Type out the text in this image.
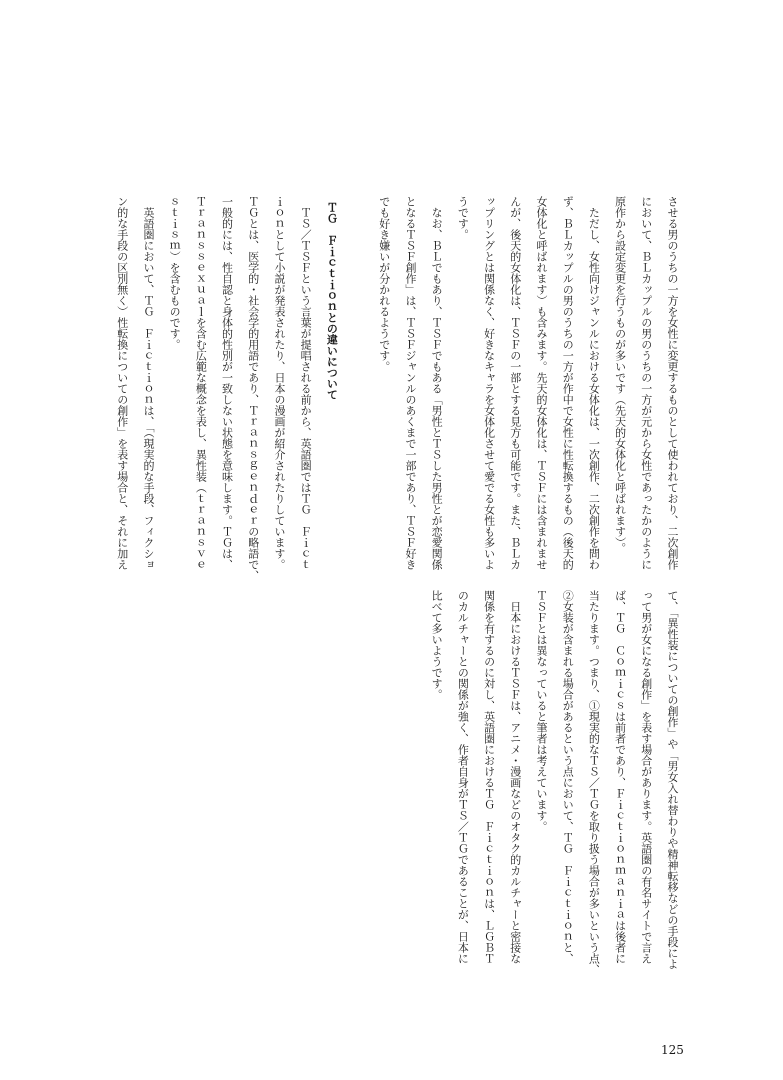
させる男のうちの一方を女性に変更するものとして使われており、二次創作
において、ＢＬカップルの男のうちの一方が元から女性であったかのように
原作から設定変更を行うものが多いです（先天的女体化と呼ばれます）。
ただし、女性向けジャンルにおける女体化は、一次創作、二次創作を問わ
ず、ＢＬカップルの男のうちの一方が作中で女性に性転換するもの（後天的
女体化と呼ばれます）も含みます。先天的女体化は、ＴＳＦには含まれませ
んが、後天的女体化は、ＴＳＦの一部とする見方も可能です。また、ＢＬカ
ップリングとは関係なく、好きなキャラを女体化させて愛でる女性も多いよ
うです。
なお、ＢＬでもあり、ＴＳＦでもある「男性とＴＳした男性とが恋愛関係
となるＴＳＦ創作」は、ＴＳＦジャンルのあくまで一部であり、ＴＳＦ好き
でも好き嫌いが分かれるようです。
ＴＧ　Ｆｉｃｔｉｏｎとの違いについて
ＴＳ／ＴＳＦという言葉が提唱される前から、英語圏ではＴＧ　Ｆｉｃｔ
ｉｏｎとして小説が発表されたり、日本の漫画が紹介されたりしています。
ＴＧとは、医学的・社会学的用語であり、Ｔｒａｎｓｇｅｎｄｅｒの略語で、
一般的には、性自認と身体的性別が一致しない状態を意味します。ＴＧは、
Ｔｒａｎｓｓｅｘｕａｌを含む広範な概念を表し、異性装（ｔｒａｎｓｖｅ
ｓｔｉｓｍ）を含むものです。
英語圏において、ＴＧ　Ｆｉｃｔｉｏｎは、「（現実的な手段、フィクショ
ン的な手段の区別無く）性転換についての創作」を表す場合と、それに加え
て、「異性装についての創作」や「男女入れ替わりや精神転移などの手段によ
って男が女になる創作」を表す場合があります。英語圏の有名サイトで言え
ば、ＴＧ　Ｃｏｍｉｃｓは前者であり、Ｆｉｃｔｉｏｎｍａｎｉａは後者に
当たります。つまり、①現実的なＴＳ／ＴＧを取り扱う場合が多いという点、
②女装が含まれる場合があるという点において、ＴＧ　Ｆｉｃｔｉｏｎと、
ＴＳＦとは異なっていると筆者は考えています。
日本におけるＴＳＦは、アニメ・漫画などのオタク的カルチャーと密接な
関係を有するのに対し、英語圏におけるＴＧ　Ｆｉｃｔｉｏｎは、ＬＧＢＴ
のカルチャーとの関係が強く、作者自身がＴＳ／ＴＧであることが、日本に
比べて多いようです。
125
